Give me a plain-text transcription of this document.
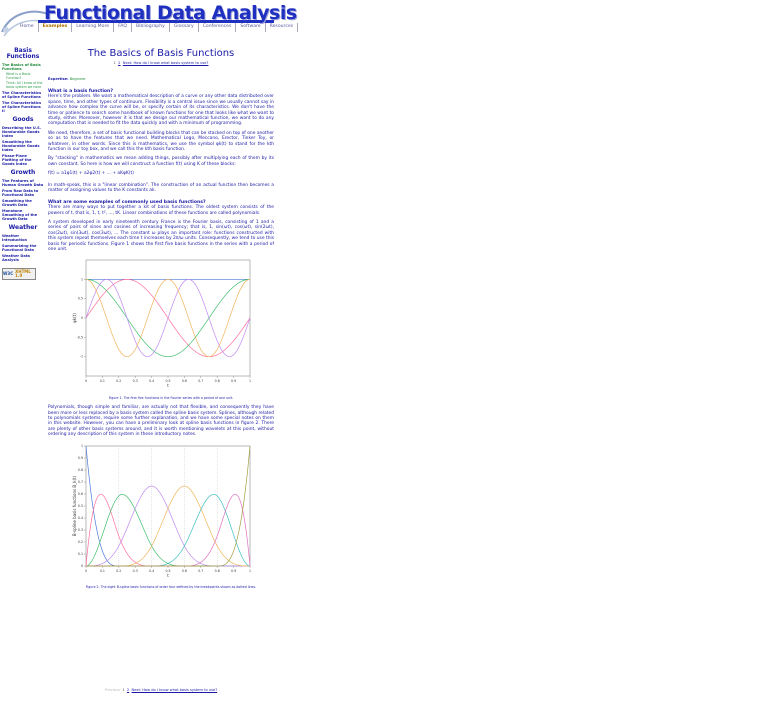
Functional Data Analysis
Home	Examples	Learning More	FAQ	Bibliography	Glossary	Conferences	Software	Resources
Basis Functions
The Basics of Basis Functions
What is a Basis Function?
Think: All I know of the basis system we have
The Characteristics of Spline Functions
The Characteristics of Spline Functions II
Goods
Describing the U.S. Nondurable Goods Index
Smoothing the Nondurable Goods Index
Phase-Plane Plotting of the Goods Index
Growth
The Features of Human Growth Data
From Raw Data to Functional Data
Smoothing the Growth Data
Monotone Smoothing of the Growth Data
Weather
Weather Introduction
Summarizing the Functional Data
Weather Data Analysis
W3C XHTML 1.0
The Basics of Basis Functions
1 2 Next: How do I know what basis system to use?
Expertise: Beginner
What is a basis function?

Here's the problem. We want a mathematical description of a curve or any other data distributed over space, time, and other types of continuum. Flexibility is a central issue since we usually cannot say in advance how complex the curve will be, or specify certain of its characteristics. We don't have the time or patience to search some handbook of known functions for one that looks like what we want to study, either. Moreover, however it is that we design our mathematical function, we want to do any computation that is needed to fit the data quickly and with a minimum of programming.

We need, therefore, a set of basic functional building blocks that can be stacked on top of one another so as to have the features that we need. Mathematical Lego, Meccano, Erector, Tinker Toy, or whatever, in other words. Since this is mathematics, we use the symbol φk(t) to stand for the kth function in our toy box, and we call this the kth basis function.

By "stacking" in mathematics we mean adding things, possibly after multiplying each of them by its own constant. So here is how we will construct a function f(t) using K of these blocks:

f(t) = a1φ1(t) + a2φ2(t) + ... + aKφK(t)

In math-speak, this is a "linear combination". The construction of an actual function then becomes a matter of assigning values to the K constants ak.

What are some examples of commonly used basis functions?

There are many ways to put together a kit of basis functions. The oldest system consists of the powers of t, that is, 1, t, t², ..., tK. Linear combinations of these functions are called polynomials.

A system developed in early nineteenth century France is the Fourier basis, consisting of 1 and a series of pairs of sines and cosines of increasing frequency; that is, 1, sin(ωt), cos(ωt), sin(2ωt), cos(2ωt), sin(3ωt), cos(3ωt), ... The constant ω plays an important role: functions constructed with this system repeat themselves each time t increases by 2π/ω units. Consequently, we tend to use this basis for periodic functions. Figure 1 shows the first five basis functions in the series with a period of one unit.

0	0.1	0.2	0.3	0.4	0.5	0.6	0.7	0.8	0.9	1
-1
-0.5
0
0.5
1
t
φk(t)
Figure 1. The first five functions in the Fourier series with a period of one unit.

Polynomials, though simple and familiar, are actually not that flexible, and consequently they have been more or less replaced by a basis system called the spline basis system. Splines, although related to polynomials systems, require some further explanation, and we have some special notes on them in this website. However, you can have a preliminary look at spline basis functions in figure 2. There are plenty of other basis systems around, and it is worth mentioning wavelets at this point, without ordering any description of this system in these introductory notes.

0	0.1	0.2	0.3	0.4	0.5	0.6	0.7	0.8	0.9	1
0
0.1
0.2
0.3
0.4
0.5
0.6
0.7
0.8
0.9
1
t
B-spline basis functions B_k(t)
Figure 2. The eight B-spline basis functions of order four defined by the breakpoints shown as dotted lines.
Previous 1 2 Next: How do I know what basis system to use?
